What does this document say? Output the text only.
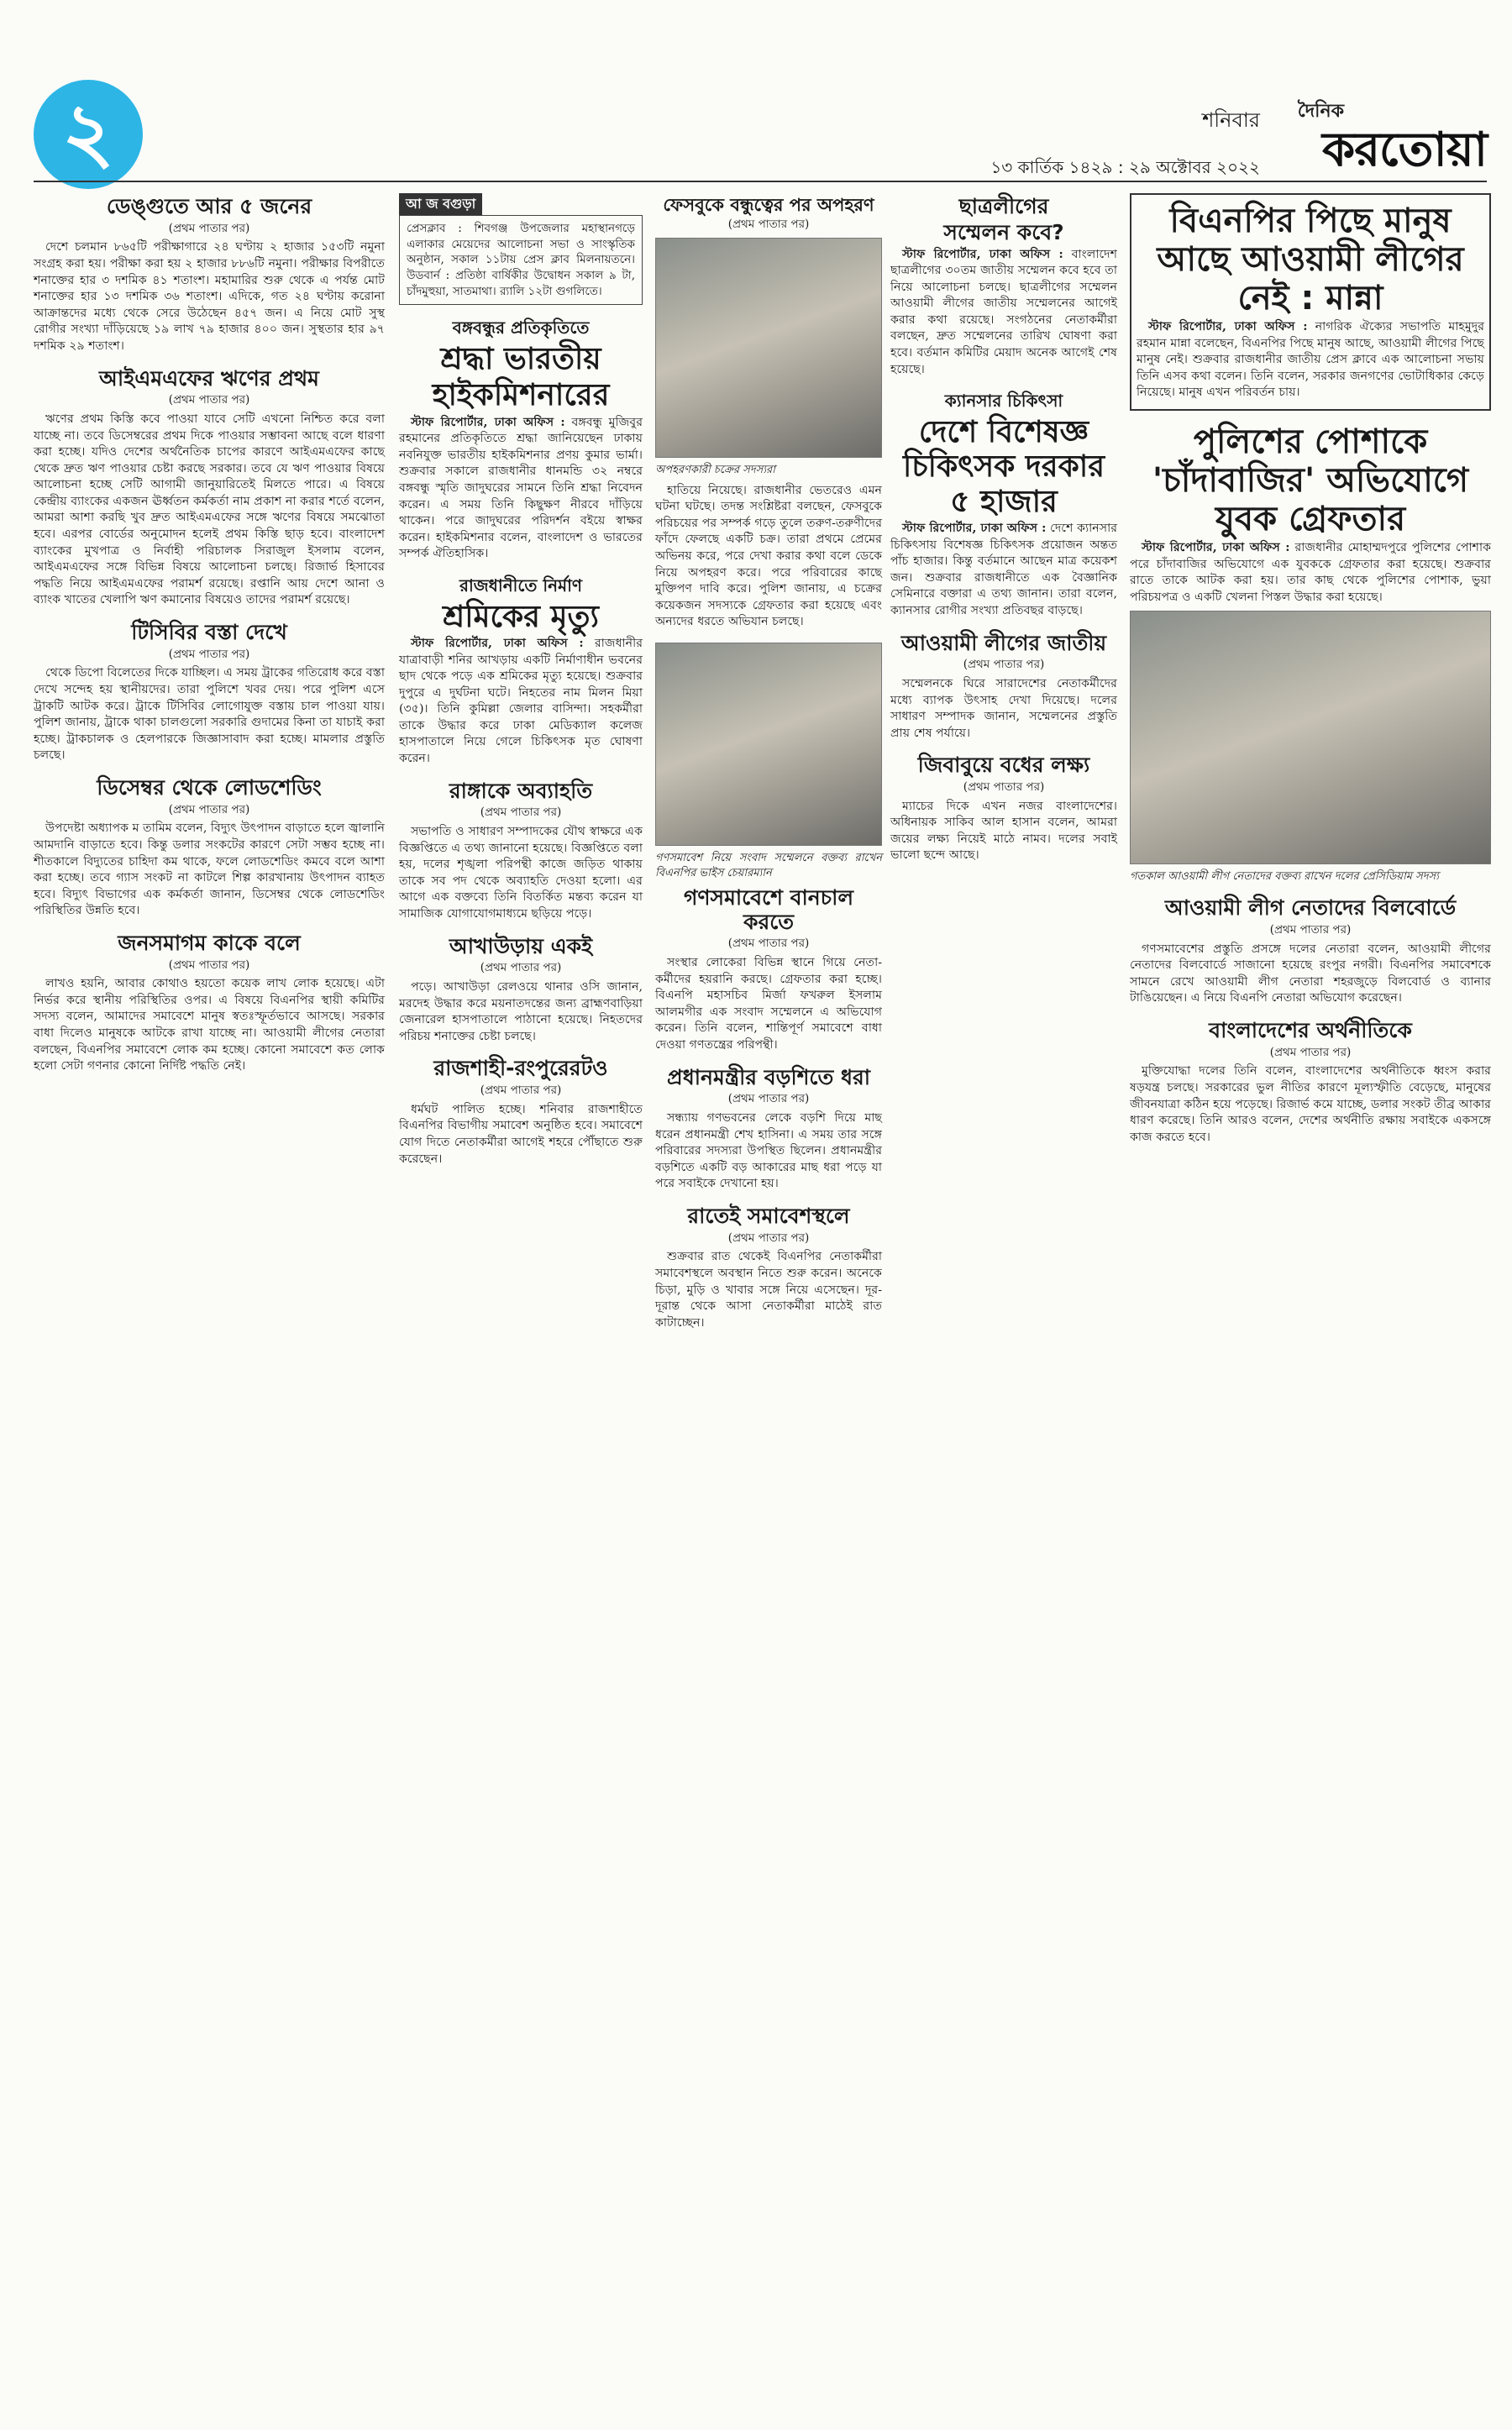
২	শনিবার
১৩ কার্তিক ১৪২৯ : ২৯ অক্টোবর ২০২২
দৈনিক
করতোয়া
ডেঙ্গুতে আর ৫ জনের
(প্রথম পাতার পর)

দেশে চলমান ৮৬৫টি পরীক্ষাগারে ২৪ ঘণ্টায় ২ হাজার ১৫৩টি নমুনা সংগ্রহ করা হয়। পরীক্ষা করা হয় ২ হাজার ৮৮৬টি নমুনা। পরীক্ষার বিপরীতে শনাক্তের হার ৩ দশমিক ৪১ শতাংশ। মহামারির শুরু থেকে এ পর্যন্ত মোট শনাক্তের হার ১৩ দশমিক ৩৬ শতাংশ। এদিকে, গত ২৪ ঘণ্টায় করোনা আক্রান্তদের মধ্যে থেকে সেরে উঠেছেন ৪৫৭ জন। এ নিয়ে মোট সুস্থ রোগীর সংখ্যা দাঁড়িয়েছে ১৯ লাখ ৭৯ হাজার ৪০০ জন। সুস্থতার হার ৯৭ দশমিক ২৯ শতাংশ।

আইএমএফের ঋণের প্রথম
(প্রথম পাতার পর)

ঋণের প্রথম কিস্তি কবে পাওয়া যাবে সেটি এখনো নিশ্চিত করে বলা যাচ্ছে না। তবে ডিসেম্বরের প্রথম দিকে পাওয়ার সম্ভাবনা আছে বলে ধারণা করা হচ্ছে। যদিও দেশের অর্থনৈতিক চাপের কারণে আইএমএফের কাছে থেকে দ্রুত ঋণ পাওয়ার চেষ্টা করছে সরকার। তবে যে ঋণ পাওয়ার বিষয়ে আলোচনা হচ্ছে সেটি আগামী জানুয়ারিতেই মিলতে পারে। এ বিষয়ে কেন্দ্রীয় ব্যাংকের একজন ঊর্ধ্বতন কর্মকর্তা নাম প্রকাশ না করার শর্তে বলেন, আমরা আশা করছি খুব দ্রুত আইএমএফের সঙ্গে ঋণের বিষয়ে সমঝোতা হবে। এরপর বোর্ডের অনুমোদন হলেই প্রথম কিস্তি ছাড় হবে। বাংলাদেশ ব্যাংকের মুখপাত্র ও নির্বাহী পরিচালক সিরাজুল ইসলাম বলেন, আইএমএফের সঙ্গে বিভিন্ন বিষয়ে আলোচনা চলছে। রিজার্ভ হিসাবের পদ্ধতি নিয়ে আইএমএফের পরামর্শ রয়েছে। রপ্তানি আয় দেশে আনা ও ব্যাংক খাতের খেলাপি ঋণ কমানোর বিষয়েও তাদের পরামর্শ রয়েছে।

টিসিবির বস্তা দেখে
(প্রথম পাতার পর)

থেকে ডিপো বিলেতের দিকে যাচ্ছিল। এ সময় ট্রাকের গতিরোধ করে বস্তা দেখে সন্দেহ হয় স্থানীয়দের। তারা পুলিশে খবর দেয়। পরে পুলিশ এসে ট্রাকটি আটক করে। ট্রাকে টিসিবির লোগোযুক্ত বস্তায় চাল পাওয়া যায়। পুলিশ জানায়, ট্রাকে থাকা চালগুলো সরকারি গুদামের কিনা তা যাচাই করা হচ্ছে। ট্রাকচালক ও হেলপারকে জিজ্ঞাসাবাদ করা হচ্ছে। মামলার প্রস্তুতি চলছে।

ডিসেম্বর থেকে লোডশেডিং
(প্রথম পাতার পর)

উপদেষ্টা অধ্যাপক ম তামিম বলেন, বিদ্যুৎ উৎপাদন বাড়াতে হলে জ্বালানি আমদানি বাড়াতে হবে। কিন্তু ডলার সংকটের কারণে সেটা সম্ভব হচ্ছে না। শীতকালে বিদ্যুতের চাহিদা কম থাকে, ফলে লোডশেডিং কমবে বলে আশা করা হচ্ছে। তবে গ্যাস সংকট না কাটলে শিল্প কারখানায় উৎপাদন ব্যাহত হবে। বিদ্যুৎ বিভাগের এক কর্মকর্তা জানান, ডিসেম্বর থেকে লোডশেডিং পরিস্থিতির উন্নতি হবে।

জনসমাগম কাকে বলে
(প্রথম পাতার পর)

লাখও হয়নি, আবার কোথাও হয়তো কয়েক লাখ লোক হয়েছে। এটা নির্ভর করে স্থানীয় পরিস্থিতির ওপর। এ বিষয়ে বিএনপির স্থায়ী কমিটির সদস্য বলেন, আমাদের সমাবেশে মানুষ স্বতঃস্ফূর্তভাবে আসছে। সরকার বাধা দিলেও মানুষকে আটকে রাখা যাচ্ছে না। আওয়ামী লীগের নেতারা বলছেন, বিএনপির সমাবেশে লোক কম হচ্ছে। কোনো সমাবেশে কত লোক হলো সেটা গণনার কোনো নির্দিষ্ট পদ্ধতি নেই।

আ জ বগুড়া
প্রেসক্লাব : শিবগঞ্জ উপজেলার মহাস্থানগড়ে এলাকার মেয়েদের আলোচনা সভা ও সাংস্কৃতিক অনুষ্ঠান, সকাল ১১টায় প্রেস ক্লাব মিলনায়তনে। উডবার্ন : প্রতিষ্ঠা বার্ষিকীর উদ্বোধন সকাল ৯ টা, চাঁদমুহুয়া, সাতমাথা। র‍্যালি ১২টা গুগলিতে।
বঙ্গবন্ধুর প্রতিকৃতিতে
শ্রদ্ধা ভারতীয়
হাইকমিশনারের

স্টাফ রিপোর্টার, ঢাকা অফিস : বঙ্গবন্ধু মুজিবুর রহমানের প্রতিকৃতিতে শ্রদ্ধা জানিয়েছেন ঢাকায় নবনিযুক্ত ভারতীয় হাইকমিশনার প্রণয় কুমার ভার্মা। শুক্রবার সকালে রাজধানীর ধানমন্ডি ৩২ নম্বরে বঙ্গবন্ধু স্মৃতি জাদুঘরের সামনে তিনি শ্রদ্ধা নিবেদন করেন। এ সময় তিনি কিছুক্ষণ নীরবে দাঁড়িয়ে থাকেন। পরে জাদুঘরের পরিদর্শন বইয়ে স্বাক্ষর করেন। হাইকমিশনার বলেন, বাংলাদেশ ও ভারতের সম্পর্ক ঐতিহাসিক।

রাজধানীতে নির্মাণ
শ্রমিকের মৃত্যু

স্টাফ রিপোর্টার, ঢাকা অফিস : রাজধানীর যাত্রাবাড়ী শনির আখড়ায় একটি নির্মাণাধীন ভবনের ছাদ থেকে পড়ে এক শ্রমিকের মৃত্যু হয়েছে। শুক্রবার দুপুরে এ দুর্ঘটনা ঘটে। নিহতের নাম মিলন মিয়া (৩৫)। তিনি কুমিল্লা জেলার বাসিন্দা। সহকর্মীরা তাকে উদ্ধার করে ঢাকা মেডিক্যাল কলেজ হাসপাতালে নিয়ে গেলে চিকিৎসক মৃত ঘোষণা করেন।

রাঙ্গাকে অব্যাহতি
(প্রথম পাতার পর)

সভাপতি ও সাধারণ সম্পাদকের যৌথ স্বাক্ষরে এক বিজ্ঞপ্তিতে এ তথ্য জানানো হয়েছে। বিজ্ঞপ্তিতে বলা হয়, দলের শৃঙ্খলা পরিপন্থী কাজে জড়িত থাকায় তাকে সব পদ থেকে অব্যাহতি দেওয়া হলো। এর আগে এক বক্তব্যে তিনি বিতর্কিত মন্তব্য করেন যা সামাজিক যোগাযোগমাধ্যমে ছড়িয়ে পড়ে।

আখাউড়ায় একই
(প্রথম পাতার পর)

পড়ে। আখাউড়া রেলওয়ে থানার ওসি জানান, মরদেহ উদ্ধার করে ময়নাতদন্তের জন্য ব্রাহ্মণবাড়িয়া জেনারেল হাসপাতালে পাঠানো হয়েছে। নিহতদের পরিচয় শনাক্তের চেষ্টা চলছে।

রাজশাহী-রংপুরেরটও
(প্রথম পাতার পর)

ধর্মঘট পালিত হচ্ছে। শনিবার রাজশাহীতে বিএনপির বিভাগীয় সমাবেশ অনুষ্ঠিত হবে। সমাবেশে যোগ দিতে নেতাকর্মীরা আগেই শহরে পৌঁছাতে শুরু করেছেন।

ফেসবুকে বন্ধুত্বের পর অপহরণ
(প্রথম পাতার পর)
অপহরণকারী চক্রের সদস্যরা

হাতিয়ে নিয়েছে। রাজধানীর ভেতরেও এমন ঘটনা ঘটছে। তদন্ত সংশ্লিষ্টরা বলছেন, ফেসবুকে পরিচয়ের পর সম্পর্ক গড়ে তুলে তরুণ-তরুণীদের ফাঁদে ফেলছে একটি চক্র। তারা প্রথমে প্রেমের অভিনয় করে, পরে দেখা করার কথা বলে ডেকে নিয়ে অপহরণ করে। পরে পরিবারের কাছে মুক্তিপণ দাবি করে। পুলিশ জানায়, এ চক্রের কয়েকজন সদস্যকে গ্রেফতার করা হয়েছে এবং অন্যদের ধরতে অভিযান চলছে।

গণসমাবেশ নিয়ে সংবাদ সম্মেলনে বক্তব্য রাখেন বিএনপির ভাইস চেয়ারম্যান
গণসমাবেশে বানচাল করতে
(প্রথম পাতার পর)

সংস্থার লোকেরা বিভিন্ন স্থানে গিয়ে নেতা-কর্মীদের হয়রানি করছে। গ্রেফতার করা হচ্ছে। বিএনপি মহাসচিব মির্জা ফখরুল ইসলাম আলমগীর এক সংবাদ সম্মেলনে এ অভিযোগ করেন। তিনি বলেন, শান্তিপূর্ণ সমাবেশে বাধা দেওয়া গণতন্ত্রের পরিপন্থী।

প্রধানমন্ত্রীর বড়শিতে ধরা
(প্রথম পাতার পর)

সন্ধ্যায় গণভবনের লেকে বড়শি দিয়ে মাছ ধরেন প্রধানমন্ত্রী শেখ হাসিনা। এ সময় তার সঙ্গে পরিবারের সদস্যরা উপস্থিত ছিলেন। প্রধানমন্ত্রীর বড়শিতে একটি বড় আকারের মাছ ধরা পড়ে যা পরে সবাইকে দেখানো হয়।

রাতেই সমাবেশস্থলে
(প্রথম পাতার পর)

শুক্রবার রাত থেকেই বিএনপির নেতাকর্মীরা সমাবেশস্থলে অবস্থান নিতে শুরু করেন। অনেকে চিড়া, মুড়ি ও খাবার সঙ্গে নিয়ে এসেছেন। দূর-দূরান্ত থেকে আসা নেতাকর্মীরা মাঠেই রাত কাটাচ্ছেন।

ছাত্রলীগের
সম্মেলন কবে?

স্টাফ রিপোর্টার, ঢাকা অফিস : বাংলাদেশ ছাত্রলীগের ৩০তম জাতীয় সম্মেলন কবে হবে তা নিয়ে আলোচনা চলছে। ছাত্রলীগের সম্মেলন আওয়ামী লীগের জাতীয় সম্মেলনের আগেই করার কথা রয়েছে। সংগঠনের নেতাকর্মীরা বলছেন, দ্রুত সম্মেলনের তারিখ ঘোষণা করা হবে। বর্তমান কমিটির মেয়াদ অনেক আগেই শেষ হয়েছে।

ক্যানসার চিকিৎসা
দেশে বিশেষজ্ঞ চিকিৎসক দরকার ৫ হাজার

স্টাফ রিপোর্টার, ঢাকা অফিস : দেশে ক্যানসার চিকিৎসায় বিশেষজ্ঞ চিকিৎসক প্রয়োজন অন্তত পাঁচ হাজার। কিন্তু বর্তমানে আছেন মাত্র কয়েকশ জন। শুক্রবার রাজধানীতে এক বৈজ্ঞানিক সেমিনারে বক্তারা এ তথ্য জানান। তারা বলেন, ক্যানসার রোগীর সংখ্যা প্রতিবছর বাড়ছে।

আওয়ামী লীগের জাতীয়
(প্রথম পাতার পর)

সম্মেলনকে ঘিরে সারাদেশের নেতাকর্মীদের মধ্যে ব্যাপক উৎসাহ দেখা দিয়েছে। দলের সাধারণ সম্পাদক জানান, সম্মেলনের প্রস্তুতি প্রায় শেষ পর্যায়ে।

জিবাবুয়ে বধের লক্ষ্য
(প্রথম পাতার পর)

ম্যাচের দিকে এখন নজর বাংলাদেশের। অধিনায়ক সাকিব আল হাসান বলেন, আমরা জয়ের লক্ষ্য নিয়েই মাঠে নামব। দলের সবাই ভালো ছন্দে আছে।

বিএনপির পিছে মানুষ আছে আওয়ামী লীগের নেই : মান্না

স্টাফ রিপোর্টার, ঢাকা অফিস : নাগরিক ঐক্যের সভাপতি মাহমুদুর রহমান মান্না বলেছেন, বিএনপির পিছে মানুষ আছে, আওয়ামী লীগের পিছে মানুষ নেই। শুক্রবার রাজধানীর জাতীয় প্রেস ক্লাবে এক আলোচনা সভায় তিনি এসব কথা বলেন। তিনি বলেন, সরকার জনগণের ভোটাধিকার কেড়ে নিয়েছে। মানুষ এখন পরিবর্তন চায়।

পুলিশের পোশাকে 'চাঁদাবাজির' অভিযোগে যুবক গ্রেফতার

স্টাফ রিপোর্টার, ঢাকা অফিস : রাজধানীর মোহাম্মদপুরে পুলিশের পোশাক পরে চাঁদাবাজির অভিযোগে এক যুবককে গ্রেফতার করা হয়েছে। শুক্রবার রাতে তাকে আটক করা হয়। তার কাছ থেকে পুলিশের পোশাক, ভুয়া পরিচয়পত্র ও একটি খেলনা পিস্তল উদ্ধার করা হয়েছে।

গতকাল আওয়ামী লীগ নেতাদের বক্তব্য রাখেন দলের প্রেসিডিয়াম সদস্য
আওয়ামী লীগ নেতাদের বিলবোর্ডে
(প্রথম পাতার পর)

গণসমাবেশের প্রস্তুতি প্রসঙ্গে দলের নেতারা বলেন, আওয়ামী লীগের নেতাদের বিলবোর্ডে সাজানো হয়েছে রংপুর নগরী। বিএনপির সমাবেশকে সামনে রেখে আওয়ামী লীগ নেতারা শহরজুড়ে বিলবোর্ড ও ব্যানার টাঙিয়েছেন। এ নিয়ে বিএনপি নেতারা অভিযোগ করেছেন।

বাংলাদেশের অর্থনীতিকে
(প্রথম পাতার পর)

মুক্তিযোদ্ধা দলের তিনি বলেন, বাংলাদেশের অর্থনীতিকে ধ্বংস করার ষড়যন্ত্র চলছে। সরকারের ভুল নীতির কারণে মূল্যস্ফীতি বেড়েছে, মানুষের জীবনযাত্রা কঠিন হয়ে পড়েছে। রিজার্ভ কমে যাচ্ছে, ডলার সংকট তীব্র আকার ধারণ করেছে। তিনি আরও বলেন, দেশের অর্থনীতি রক্ষায় সবাইকে একসঙ্গে কাজ করতে হবে।
